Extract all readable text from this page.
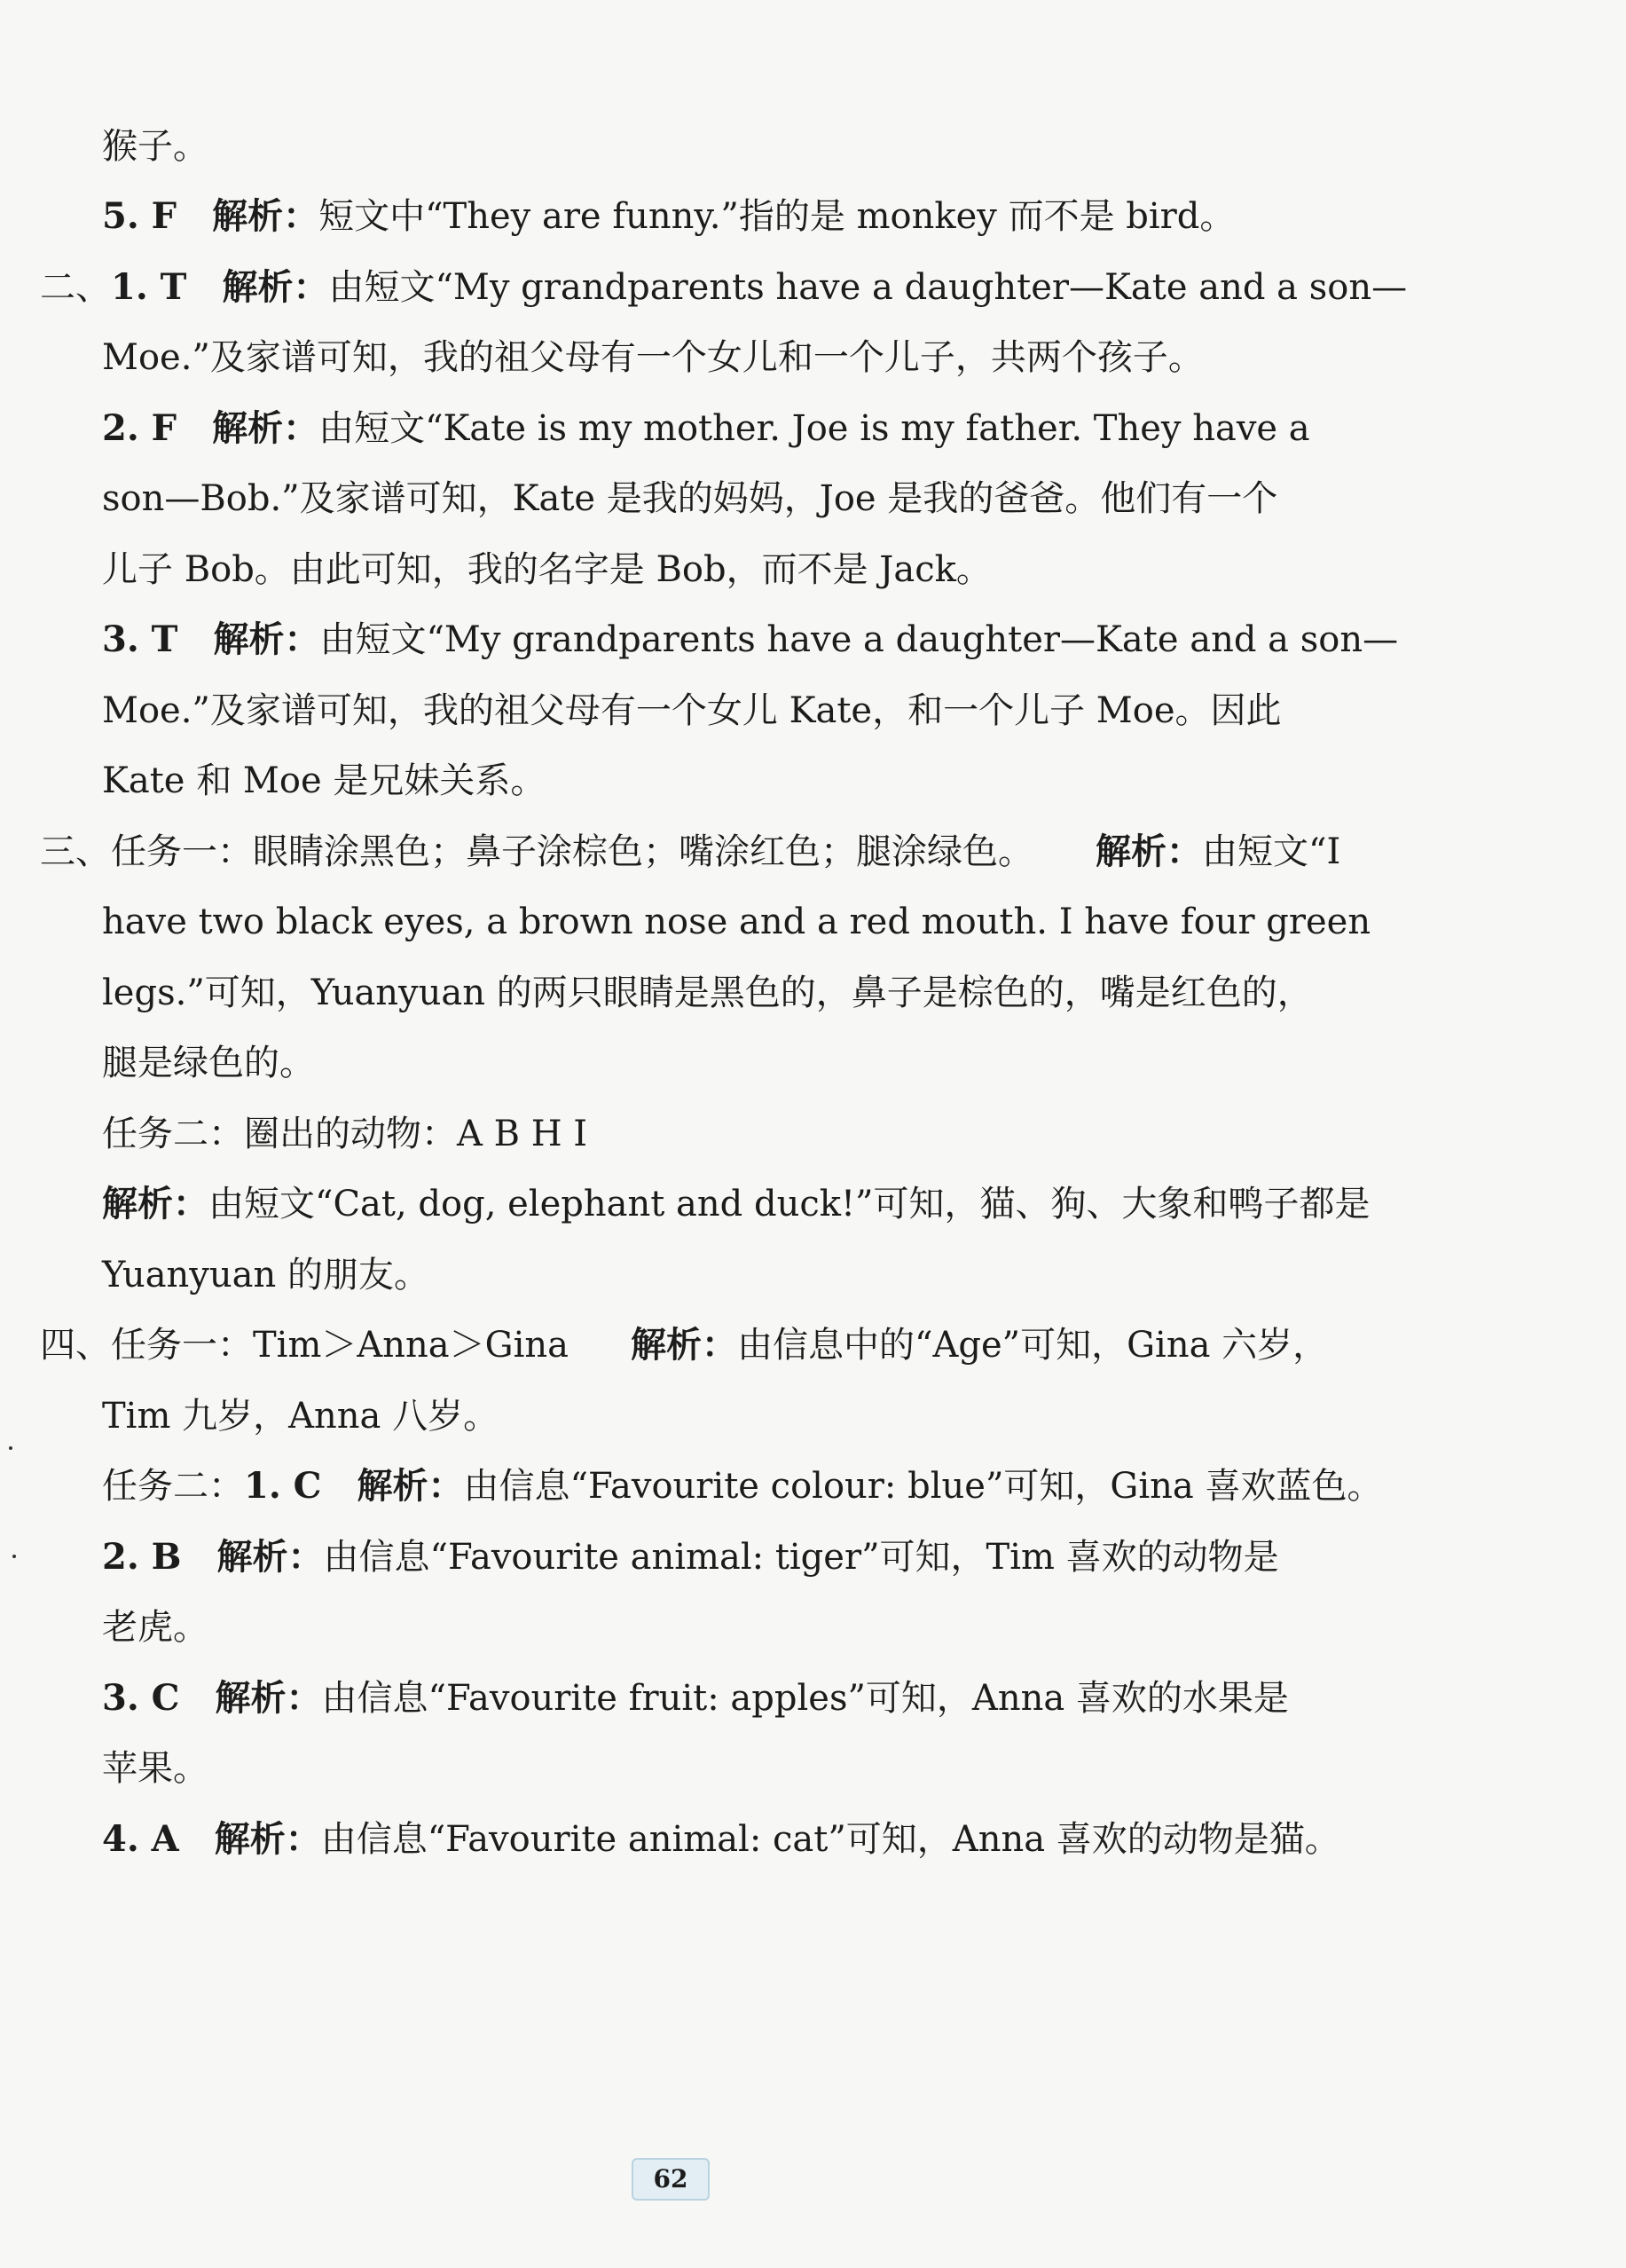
猴子。
5. F 解析：短文中“They are funny.”指的是 monkey 而不是 bird。
二、1. T 解析：由短文“My grandparents have a daughter—Kate and a son—
Moe.”及家谱可知，我的祖父母有一个女儿和一个儿子，共两个孩子。
2. F 解析：由短文“Kate is my mother. Joe is my father. They have a
son—Bob.”及家谱可知，Kate 是我的妈妈，Joe 是我的爸爸。他们有一个
儿子 Bob。由此可知，我的名字是 Bob，而不是 Jack。
3. T 解析：由短文“My grandparents have a daughter—Kate and a son—
Moe.”及家谱可知，我的祖父母有一个女儿 Kate，和一个儿子 Moe。因此
Kate 和 Moe 是兄妹关系。
三、任务一：眼睛涂黑色；鼻子涂棕色；嘴涂红色；腿涂绿色。 解析：由短文“I
have two black eyes, a brown nose and a red mouth. I have four green
legs.”可知，Yuanyuan 的两只眼睛是黑色的，鼻子是棕色的，嘴是红色的，
腿是绿色的。
任务二：圈出的动物：A B H I
解析：由短文“Cat, dog, elephant and duck!”可知，猫、狗、大象和鸭子都是
Yuanyuan 的朋友。
四、任务一：Tim＞Anna＞Gina 解析：由信息中的“Age”可知，Gina 六岁，
Tim 九岁，Anna 八岁。
任务二：1. C 解析：由信息“Favourite colour: blue”可知，Gina 喜欢蓝色。
2. B 解析：由信息“Favourite animal: tiger”可知，Tim 喜欢的动物是
老虎。
3. C 解析：由信息“Favourite fruit: apples”可知，Anna 喜欢的水果是
苹果。
4. A 解析：由信息“Favourite animal: cat”可知，Anna 喜欢的动物是猫。
62
